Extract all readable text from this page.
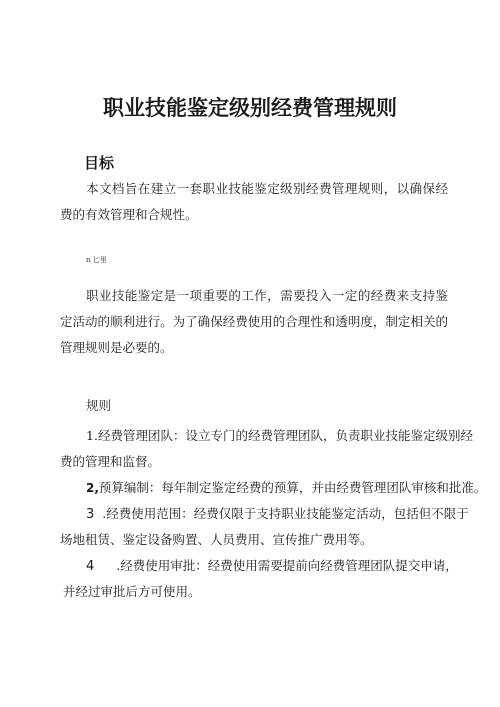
职业技能鉴定级别经费管理规则
目标

本文档旨在建立一套职业技能鉴定级别经费管理规则，以确保经费的有效管理和合规性。

n 匕里

职业技能鉴定是一项重要的工作，需要投入一定的经费来支持鉴定活动的顺利进行。为了确保经费使用的合理性和透明度，制定相关的管理规则是必要的。

规则

1.经费管理团队：设立专门的经费管理团队，负责职业技能鉴定级别经

费的管理和监督。

2,预算编制：每年制定鉴定经费的预算，并由经费管理团队审核和批准。

3 .经费使用范围：经费仅限于支持职业技能鉴定活动，包括但不限于

场地租赁、鉴定设备购置、人员费用、宣传推广费用等。

4 .经费使用审批：经费使用需要提前向经费管理团队提交申请，

并经过审批后方可使用。
